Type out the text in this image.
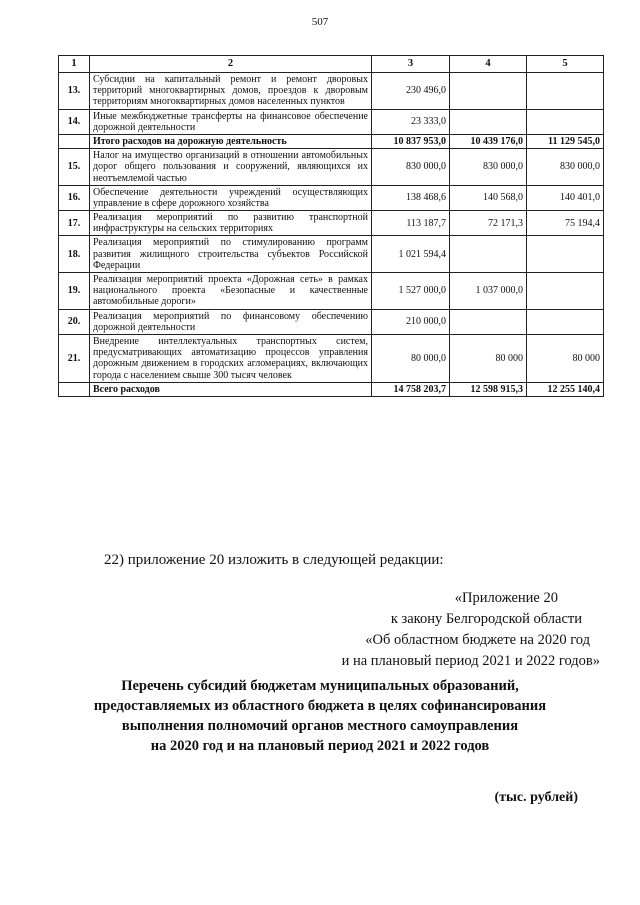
507
1	2	3	4	5
13.	Субсидии на капитальный ремонт и ремонт дворовых территорий многоквартирных домов, проездов к дворовым территориям многоквартирных домов населенных пунктов	230 496,0		
14.	Иные межбюджетные трансферты на финансовое обеспечение дорожной деятельности	23 333,0		
	Итого расходов на дорожную деятельность	10 837 953,0	10 439 176,0	11 129 545,0
15.	Налог на имущество организаций в отношении автомобильных дорог общего пользования и сооружений, являющихся их неотъемлемой частью	830 000,0	830 000,0	830 000,0
16.	Обеспечение деятельности учреждений осуществляющих управление в сфере дорожного хозяйства	138 468,6	140 568,0	140 401,0
17.	Реализация мероприятий по развитию транспортной инфраструктуры на сельских территориях	113 187,7	72 171,3	75 194,4
18.	Реализация мероприятий по стимулированию программ развития жилищного строительства субъектов Российской Федерации	1 021 594,4		
19.	Реализация мероприятий проекта «Дорожная сеть» в рамках национального проекта «Безопасные и качественные автомобильные дороги»	1 527 000,0	1 037 000,0	
20.	Реализация мероприятий по финансовому обеспечению дорожной деятельности	210 000,0		
21.	Внедрение интеллектуальных транспортных систем, предусматривающих автоматизацию процессов управления дорожным движением в городских агломерациях, включающих города с населением свыше 300 тысяч человек	80 000,0	80 000	80 000
	Всего расходов	14 758 203,7	12 598 915,3	12 255 140,4
22) приложение 20 изложить в следующей редакции:
«Приложение 20
к закону Белгородской области
«Об областном бюджете на 2020 год
и на плановый период 2021 и 2022 годов»
Перечень субсидий бюджетам муниципальных образований,
предоставляемых из областного бюджета в целях софинансирования
выполнения полномочий органов местного самоуправления
на 2020 год и на плановый период 2021 и 2022 годов
(тыс. рублей)
